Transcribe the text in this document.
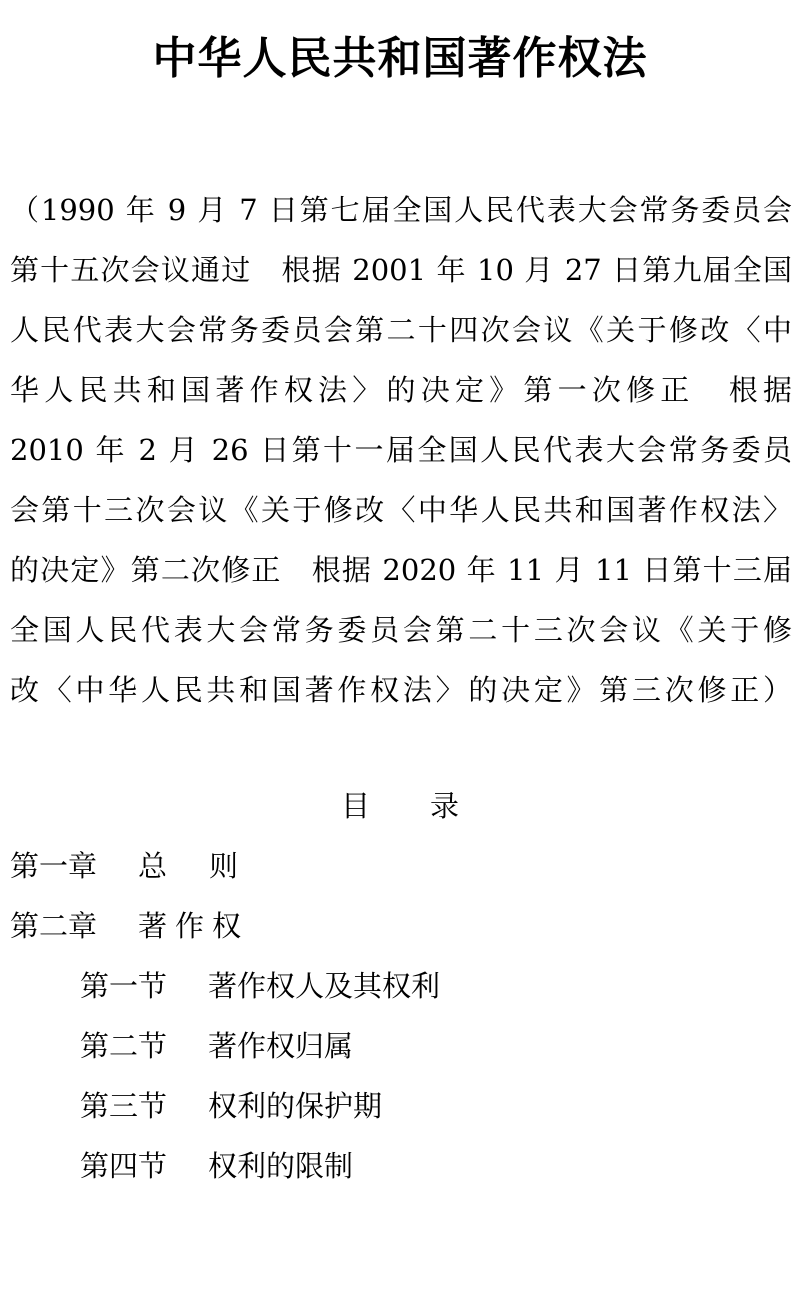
中华人民共和国著作权法
（1990 年 9 月 7 日第七届全国人民代表大会常务委员会
第十五次会议通过　根据 2001 年 10 月 27 日第九届全国
人民代表大会常务委员会第二十四次会议《关于修改〈中
华人民共和国著作权法〉的决定》第一次修正　根据
2010 年 2 月 26 日第十一届全国人民代表大会常务委员
会第十三次会议《关于修改〈中华人民共和国著作权法〉
的决定》第二次修正　根据 2020 年 11 月 11 日第十三届
全国人民代表大会常务委员会第二十三次会议《关于修
改〈中华人民共和国著作权法〉的决定》第三次修正）
目录
第一章 总则
第二章 著作权
第一节 著作权人及其权利
第二节 著作权归属
第三节 权利的保护期
第四节 权利的限制
